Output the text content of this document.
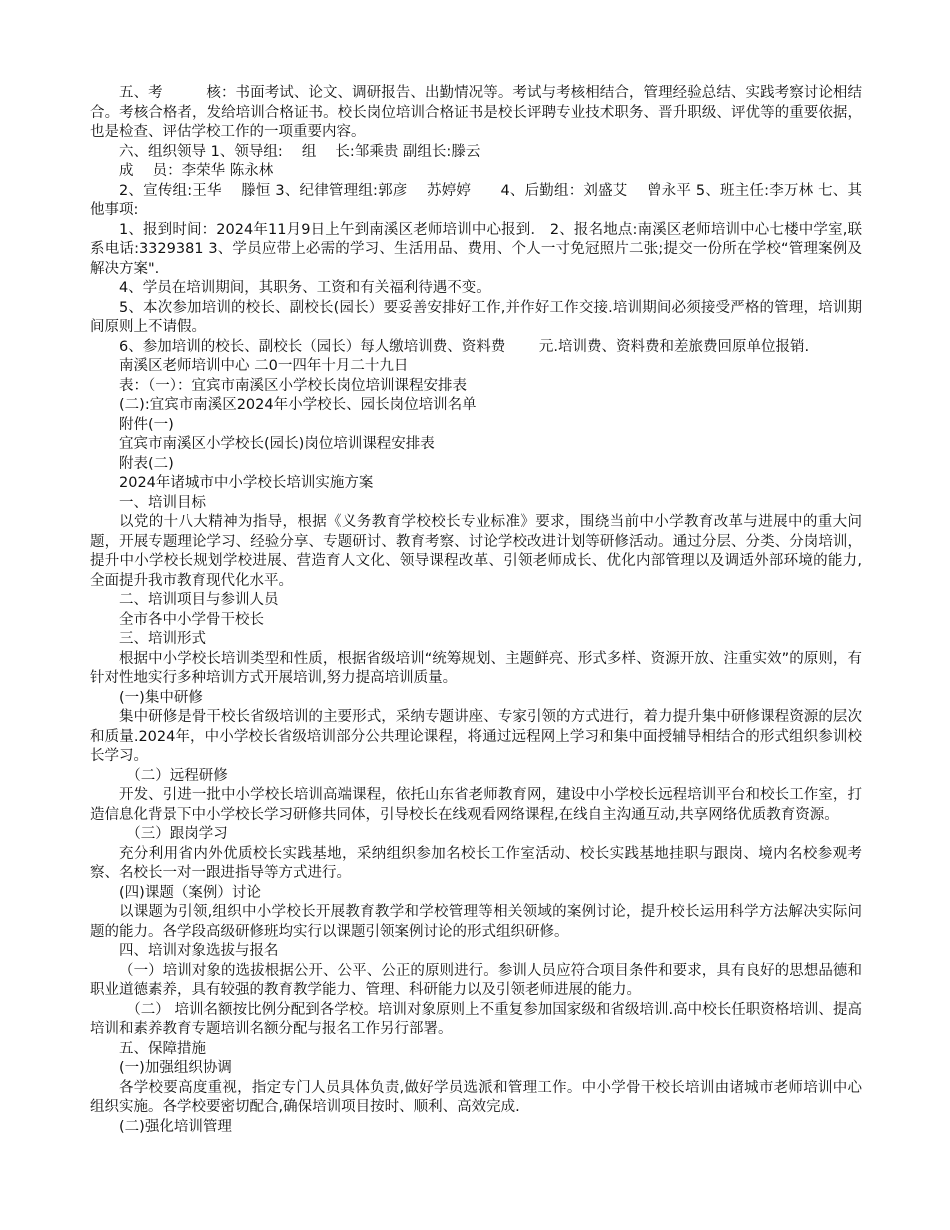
五、考　　　核：书面考试、论文、调研报告、出勤情况等。考试与考核相结合，管理经验总结、实践考察讨论相结合。考核合格者，发给培训合格证书。校长岗位培训合格证书是校长评聘专业技术职务、晋升职级、评优等的重要依据，也是检查、评估学校工作的一项重要内容。

六、组织领导 1、领导组:　 组　 长:邹乘贵 副组长:滕云

成　 员：李荣华 陈永林

2、宣传组:王华　 滕恒 3、纪律管理组:郭彦　 苏婷婷　　4、后勤组：刘盛艾　 曾永平 5、班主任:李万林 七、其他事项:

1、报到时间：2024年11月9日上午到南溪区老师培训中心报到． 2、报名地点:南溪区老师培训中心七楼中学室,联系电话:3329381 3、学员应带上必需的学习、生活用品、费用、个人一寸免冠照片二张;提交一份所在学校“管理案例及解决方案".

4、学员在培训期间，其职务、工资和有关福利待遇不变。

5、本次参加培训的校长、副校长(园长）要妥善安排好工作,并作好工作交接.培训期间必须接受严格的管理，培训期间原则上不请假。

6、参加培训的校长、副校长（园长）每人缴培训费、资料费　　 元.培训费、资料费和差旅费回原单位报销.

南溪区老师培训中心 二0一四年十月二十九日

表：（一）：宜宾市南溪区小学校长岗位培训课程安排表

(二):宜宾市南溪区2024年小学校长、园长岗位培训名单

附件(一)

宜宾市南溪区小学校长(园长)岗位培训课程安排表

附表(二)

2024年诸城市中小学校长培训实施方案

一、培训目标

以党的十八大精神为指导，根据《义务教育学校校长专业标准》要求，围绕当前中小学教育改革与进展中的重大问题，开展专题理论学习、经验分享、专题研讨、教育考察、讨论学校改进计划等研修活动。通过分层、分类、分岗培训，提升中小学校长规划学校进展、营造育人文化、领导课程改革、引领老师成长、优化内部管理以及调适外部环境的能力,全面提升我市教育现代化水平。

二、培训项目与参训人员

全市各中小学骨干校长

三、培训形式

根据中小学校长培训类型和性质，根据省级培训“统筹规划、主题鲜亮、形式多样、资源开放、注重实效”的原则，有针对性地实行多种培训方式开展培训,努力提高培训质量。

(一)集中研修

集中研修是骨干校长省级培训的主要形式，采纳专题讲座、专家引领的方式进行，着力提升集中研修课程资源的层次和质量.2024年，中小学校长省级培训部分公共理论课程，将通过远程网上学习和集中面授辅导相结合的形式组织参训校长学习。

（二）远程研修

开发、引进一批中小学校长培训高端课程，依托山东省老师教育网，建设中小学校长远程培训平台和校长工作室，打造信息化背景下中小学校长学习研修共同体，引导校长在线观看网络课程,在线自主沟通互动,共享网络优质教育资源。

（三）跟岗学习

充分利用省内外优质校长实践基地，采纳组织参加名校长工作室活动、校长实践基地挂职与跟岗、境内名校参观考察、名校长一对一跟进指导等方式进行。

(四)课题（案例）讨论

以课题为引领,组织中小学校长开展教育教学和学校管理等相关领域的案例讨论，提升校长运用科学方法解决实际问题的能力。各学段高级研修班均实行以课题引领案例讨论的形式组织研修。

四、培训对象选拔与报名

（一）培训对象的选拔根据公开、公平、公正的原则进行。参训人员应符合项目条件和要求，具有良好的思想品德和职业道德素养，具有较强的教育教学能力、管理、科研能力以及引领老师进展的能力。

（二） 培训名额按比例分配到各学校。培训对象原则上不重复参加国家级和省级培训.高中校长任职资格培训、提高培训和素养教育专题培训名额分配与报名工作另行部署。

五、保障措施

(一)加强组织协调

各学校要高度重视，指定专门人员具体负责,做好学员选派和管理工作。中小学骨干校长培训由诸城市老师培训中心组织实施。各学校要密切配合,确保培训项目按时、顺利、高效完成.

(二)强化培训管理
